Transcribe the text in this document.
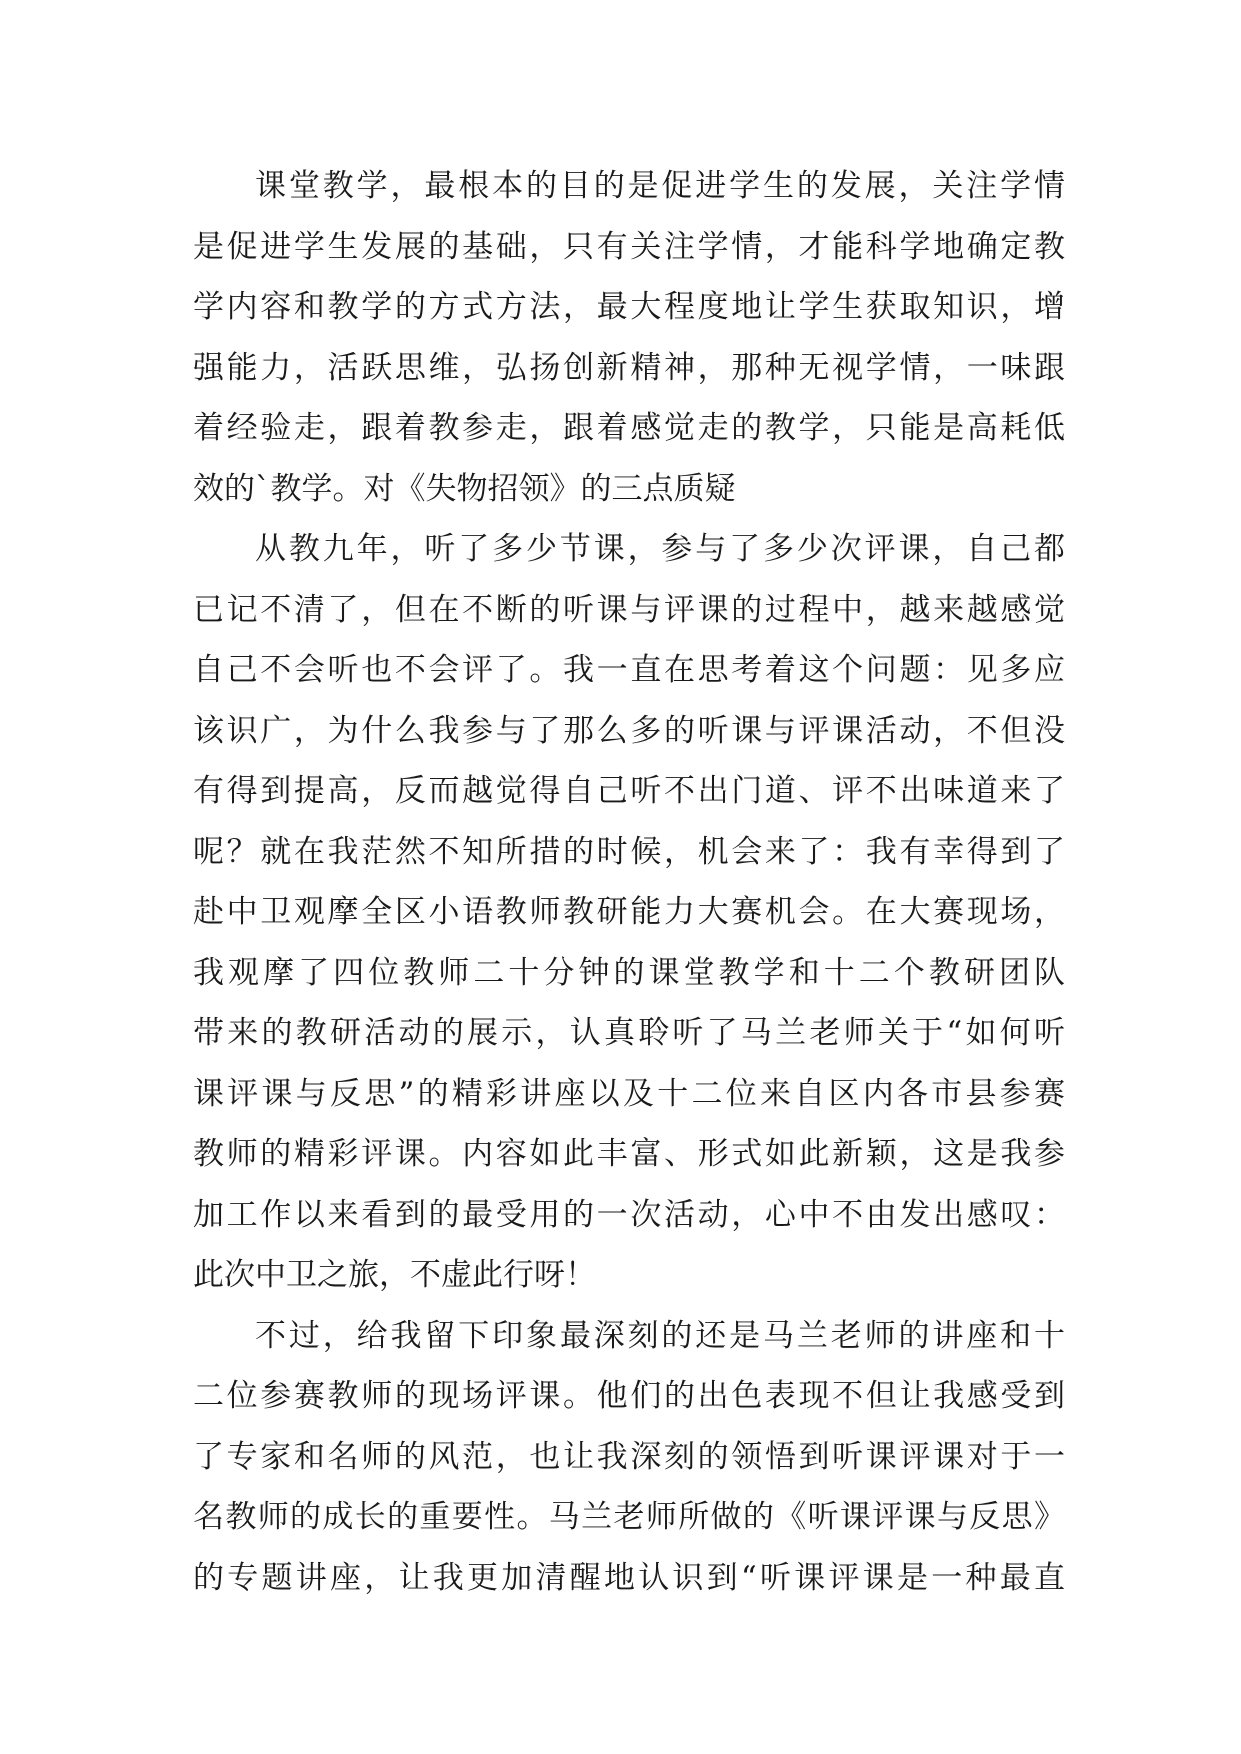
课堂教学，最根本的目的是促进学生的发展，关注学情
是促进学生发展的基础，只有关注学情，才能科学地确定教
学内容和教学的方式方法，最大程度地让学生获取知识，增
强能力，活跃思维，弘扬创新精神，那种无视学情，一味跟
着经验走，跟着教参走，跟着感觉走的教学，只能是高耗低
效的`教学。对《失物招领》的三点质疑
从教九年，听了多少节课，参与了多少次评课，自己都
已记不清了，但在不断的听课与评课的过程中，越来越感觉
自己不会听也不会评了。我一直在思考着这个问题：见多应
该识广，为什么我参与了那么多的听课与评课活动，不但没
有得到提高，反而越觉得自己听不出门道、评不出味道来了
呢？就在我茫然不知所措的时候，机会来了：我有幸得到了
赴中卫观摩全区小语教师教研能力大赛机会。在大赛现场，
我观摩了四位教师二十分钟的课堂教学和十二个教研团队
带来的教研活动的展示，认真聆听了马兰老师关于“如何听
课评课与反思”的精彩讲座以及十二位来自区内各市县参赛
教师的精彩评课。内容如此丰富、形式如此新颖，这是我参
加工作以来看到的最受用的一次活动，心中不由发出感叹：
此次中卫之旅，不虚此行呀！
不过，给我留下印象最深刻的还是马兰老师的讲座和十
二位参赛教师的现场评课。他们的出色表现不但让我感受到
了专家和名师的风范，也让我深刻的领悟到听课评课对于一
名教师的成长的重要性。马兰老师所做的《听课评课与反思》
的专题讲座，让我更加清醒地认识到“听课评课是一种最直
